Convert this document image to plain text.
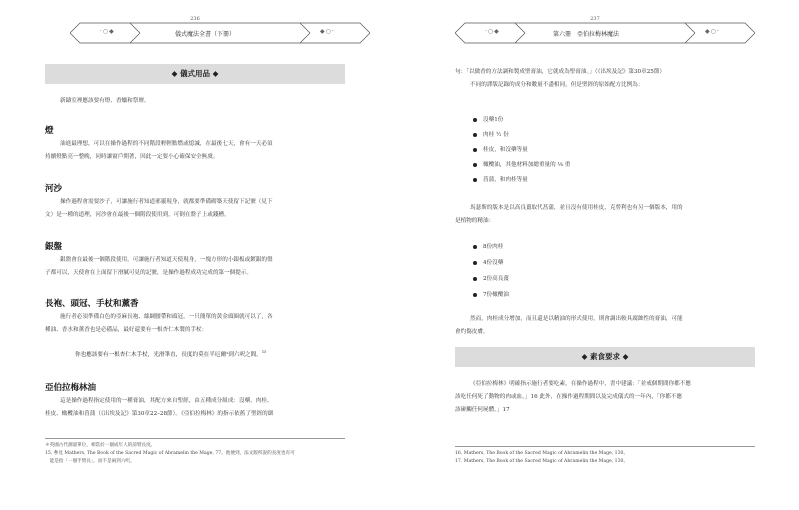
236
·○◆	儀式魔法全書（下冊）	◆○·
◆ 儀式用品 ◆
新鑄室裡應該要有燈、香爐和祭壇。
燈
油進最理想，可以在操作過程的不同階段輕輕點燃或熄滅，在最後七天，會有一天必須
持續燈點亮一整晚，同時讓窗戶開著，因此一定要小心確保安全無虞。
河沙
操作過程會需要沙子，可讓施行者知道邪靈現身，就都要準備砌築天使留下記號（見下
文）是一種的道理，河沙會在最後一個階段使用到，可倒在盤子上或錢槽。
銀盤
銀盤會在最後一個階段使用，可讓施行者知道天使現身，一塊方形的小銀板或鍍銀的盤
子都可以，天使會在上面留下滑膩可見的記號，是操作過程成功完成的第一個提示。
長袍、頭冠、手杖和薰香
施行者必須準備白色的亞麻長袍、絲綢腰帶和頭冠，一只簡單的黃金頭圈就可以了，各
種油、香水和薰香也是必備品，最好還要有一根杏仁木製的手杖：
你也應該要有一根杏仁木手杖，光滑筆直，長度約莫在半厄爾¹到六呎之間。$^{15}$
亞伯拉梅林油
這是操作過程指定使用的一種膏油，其配方來自聖經，由五種成分組成：沒藥、肉桂、
桂皮、橄欖油和菖蒲（《出埃及記》第30章22–28節）。《亞伯拉梅林》的指示依舊了聖經的細
＊英國古代測量單位，相當於一個成年人的前臂長度。
15. 參見 Mathers, The Book of the Sacred Magic of Abramelin the Mage, 77。他便到，法文版所說的長度也有可
　能是指「一個手臂長」，而不是兩到六呎。
237
·○◆	第六冊　亞伯拉梅林魔法	◆○·
句：「以做香的方法調和製成聖膏油，它就成為聖膏油。」（《出埃及記》第30章25節）
不同的譯版記錄的成分和數量不盡相同，但是聖經的原始配方比例為：
沒藥1份
肉桂 ½ 份
桂皮，和沒藥等量
橄欖油，其他材料加總重量的 ⅛ 重
菖蒲，和肉桂等量
馬瑟斯的版本是以高良薑取代菖蒲，並且沒有使用桂皮，克勞利也有另一個版本，用的
是植物的精油：
8份肉桂
4份沒藥
2份高良薑
7份橄欖油
然而，肉桂成分增加，而且還是以精油的形式使用，則會調出較具腐蝕性的膏油，可能
會灼傷皮膚。
◆ 素食要求 ◆
《亞伯拉梅林》明確指示施行者要吃素，在操作過程中，書中建議：「並戒個期間你都不應
該吃任何死了動物的肉或血。」16 此外，在操作過程期間以及完成儀式的一年內，「你都不應
該碰觸任何屍體。」17
16. Mathers, The Book of the Sacred Magic of Abramelin the Mage, 130。
17. Mathers, The Book of the Sacred Magic of Abramelin the Mage, 130。
